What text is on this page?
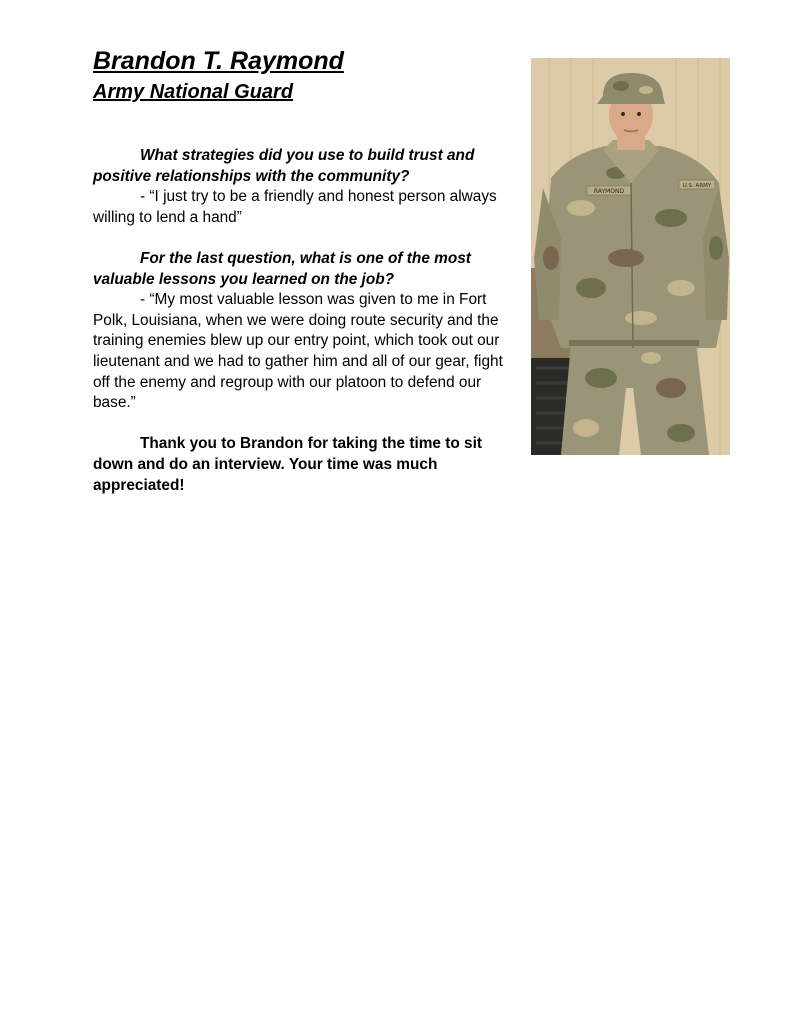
Brandon T. Raymond
Army National Guard

What strategies did you use to build trust and positive relationships with the community?

- “I just try to be a friendly and honest person always willing to lend a hand”

For the last question, what is one of the most valuable lessons you learned on the job?

- “My most valuable lesson was given to me in Fort Polk, Louisiana, when we were doing route security and the training enemies blew up our entry point, which took out our lieutenant and we had to gather him and all of our gear, fight off the enemy and regroup with our platoon to defend our base.”

Thank you to Brandon for taking the time to sit down and do an interview. Your time was much appreciated!

RAYMOND
U.S. ARMY
